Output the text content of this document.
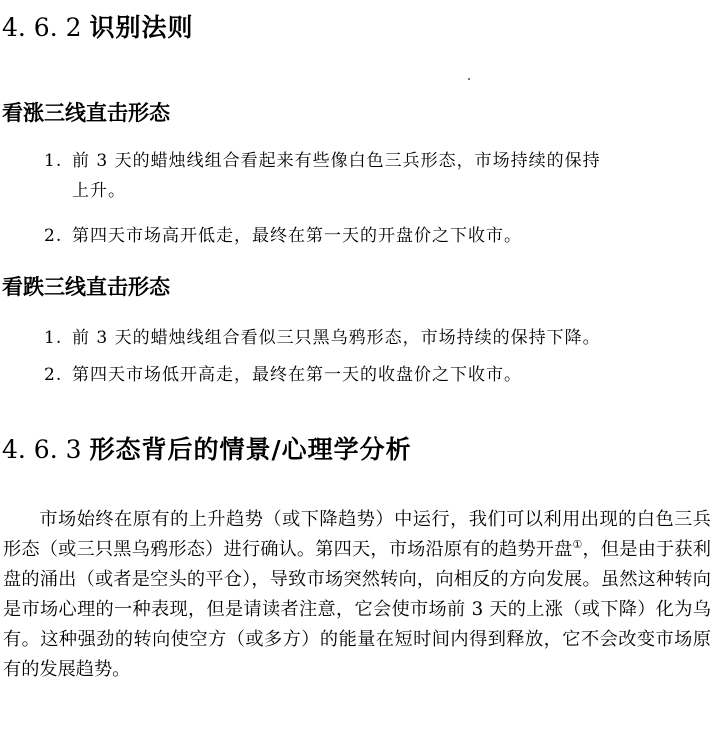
4. 6. 2 识别法则
看涨三线直击形态

1. 前 3 天的蜡烛线组合看起来有些像白色三兵形态，市场持续的保持
上升。

2. 第四天市场高开低走，最终在第一天的开盘价之下收市。

看跌三线直击形态

1. 前 3 天的蜡烛线组合看似三只黑乌鸦形态，市场持续的保持下降。

2. 第四天市场低开高走，最终在第一天的收盘价之下收市。

4. 6. 3 形态背后的情景/心理学分析

市场始终在原有的上升趋势（或下降趋势）中运行，我们可以利用出现的白色三兵形态（或三只黑乌鸦形态）进行确认。第四天，市场沿原有的趋势开盘①，但是由于获利盘的涌出（或者是空头的平仓），导致市场突然转向，向相反的方向发展。虽然这种转向是市场心理的一种表现，但是请读者注意，它会使市场前 3 天的上涨（或下降）化为乌有。这种强劲的转向使空方（或多方）的能量在短时间内得到释放，它不会改变市场原有的发展趋势。
